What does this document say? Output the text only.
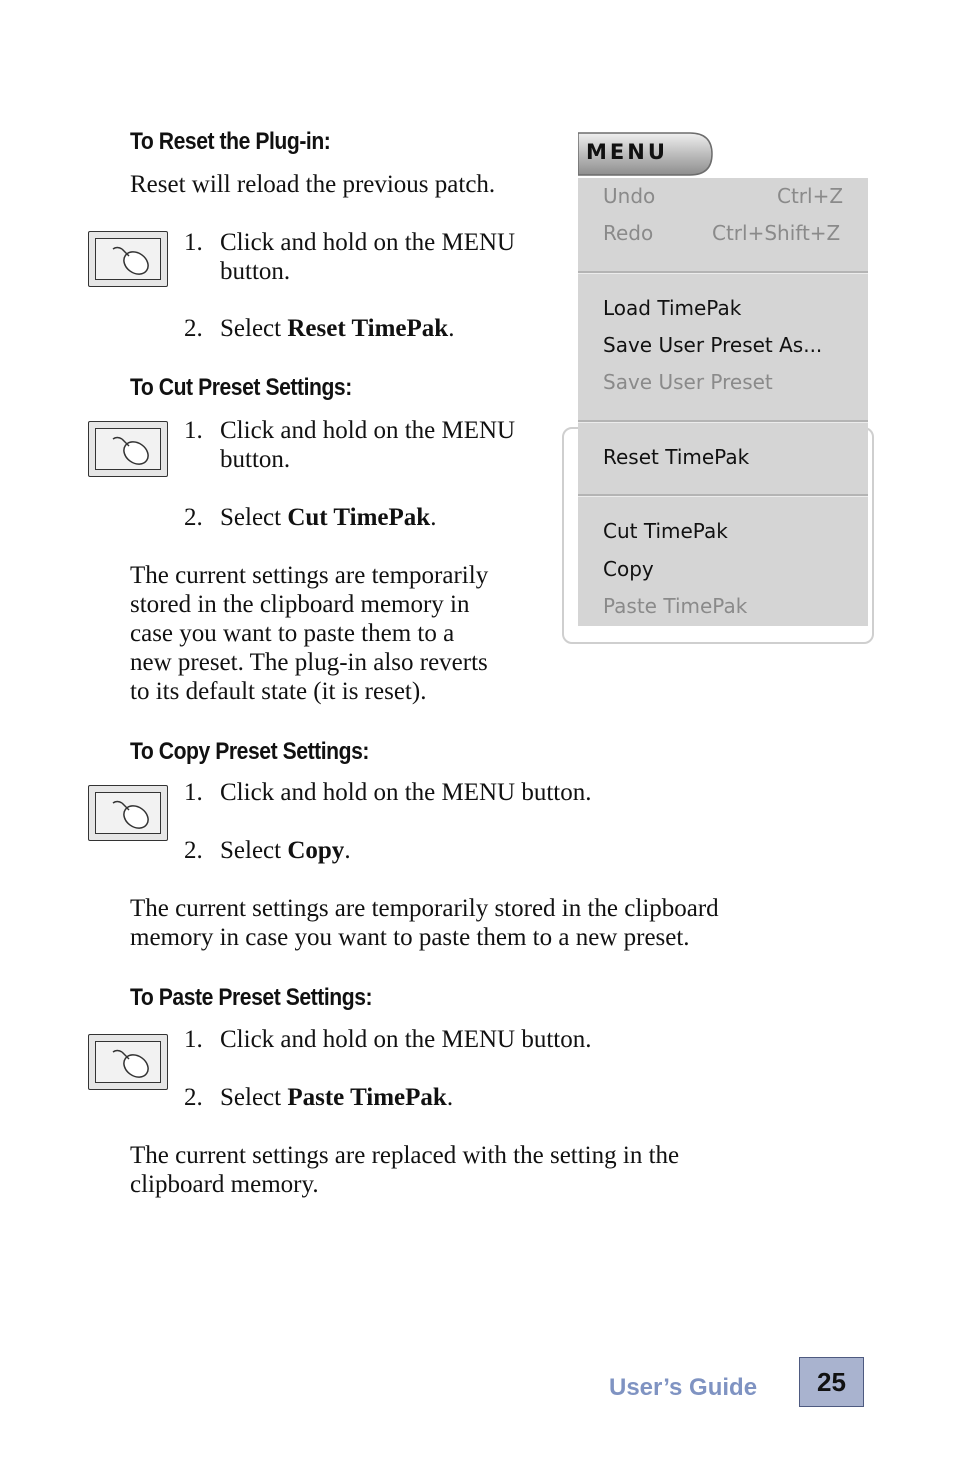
To Reset the Plug-in:
Reset will reload the previous patch.
1. Click and hold on the MENU
button.
2. Select Reset TimePak.
To Cut Preset Settings:
1. Click and hold on the MENU
button.
2. Select Cut TimePak.
The current settings are temporarily
stored in the clipboard memory in
case you want to paste them to a
new preset. The plug-in also reverts
to its default state (it is reset).
MENU
Undo	Ctrl+Z
Redo	Ctrl+Shift+Z
Load TimePak
Save User Preset As...
Save User Preset
Reset TimePak
Cut TimePak
Copy
Paste TimePak
To Copy Preset Settings:
1. Click and hold on the MENU button.
2. Select Copy.
The current settings are temporarily stored in the clipboard
memory in case you want to paste them to a new preset.
To Paste Preset Settings:
1. Click and hold on the MENU button.
2. Select Paste TimePak.
The current settings are replaced with the setting in the
clipboard memory.
User’s Guide	25
